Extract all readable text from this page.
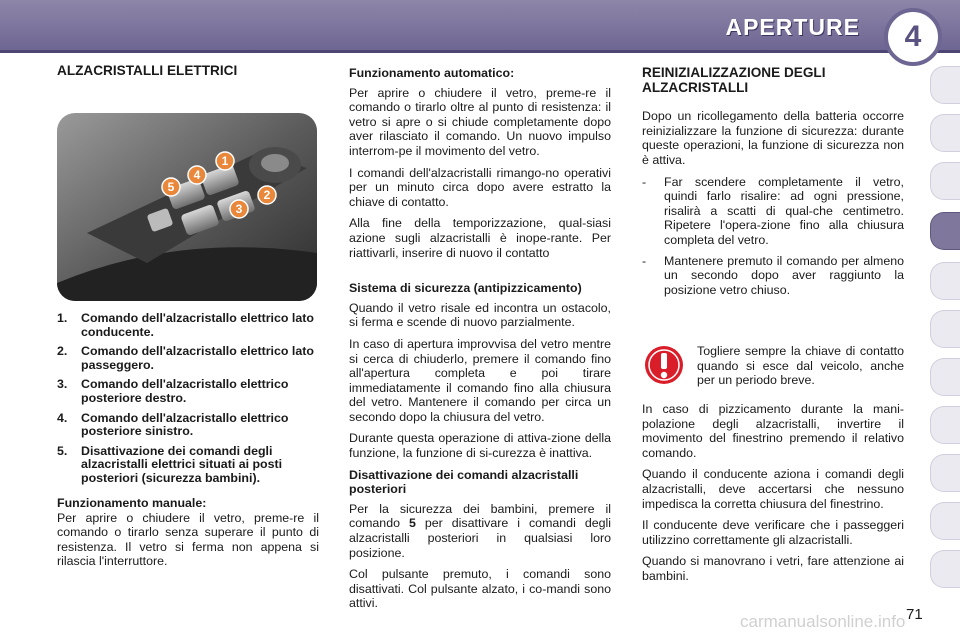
APERTURE 4
ALZACRISTALLI ELETTRICI
1
2
3
4
5
1. Comando dell'alzacristallo elettrico lato conducente.
2. Comando dell'alzacristallo elettrico lato passeggero.
3. Comando dell'alzacristallo elettrico posteriore destro.
4. Comando dell'alzacristallo elettrico posteriore sinistro.
5. Disattivazione dei comandi degli alzacristalli elettrici situati ai posti posteriori (sicurezza bambini).
Funzionamento manuale:

Per aprire o chiudere il vetro, preme-re il comando o tirarlo senza superare il punto di resistenza. Il vetro si ferma non appena si rilascia l'interruttore.

Funzionamento automatico:

Per aprire o chiudere il vetro, preme-re il comando o tirarlo oltre al punto di resistenza: il vetro si apre o si chiude completamente dopo aver rilasciato il comando. Un nuovo impulso interrom-pe il movimento del vetro.

I comandi dell'alzacristalli rimango-no operativi per un minuto circa dopo avere estratto la chiave di contatto.

Alla fine della temporizzazione, qual-siasi azione sugli alzacristalli è inope-rante. Per riattivarli, inserire di nuovo il contatto

Sistema di sicurezza (antipizzicamento)

Quando il vetro risale ed incontra un ostacolo, si ferma e scende di nuovo parzialmente.

In caso di apertura improvvisa del vetro mentre si cerca di chiuderlo, premere il comando fino all'apertura completa e poi tirare immediatamente il comando fino alla chiusura del vetro. Mantenere il comando per circa un secondo dopo la chiusura del vetro.

Durante questa operazione di attiva-zione della funzione, la funzione di si-curezza è inattiva.

Disattivazione dei comandi alzacristalli posteriori

Per la sicurezza dei bambini, premere il comando 5 per disattivare i comandi degli alzacristalli posteriori in qualsiasi loro posizione.

Col pulsante premuto, i comandi sono disattivati. Col pulsante alzato, i co-mandi sono attivi.

REINIZIALIZZAZIONE DEGLI ALZACRISTALLI

Dopo un ricollegamento della batteria occorre reinizializzare la funzione di sicurezza: durante queste operazioni, la funzione di sicurezza non è attiva.

- Far scendere completamente il vetro, quindi farlo risalire: ad ogni pressione, risalirà a scatti di qual-che centimetro. Ripetere l'opera-zione fino alla chiusura completa del vetro.
- Mantenere premuto il comando per almeno un secondo dopo aver raggiunto la posizione vetro chiuso.

Togliere sempre la chiave di contatto quando si esce dal veicolo, anche per un periodo breve.

In caso di pizzicamento durante la mani-polazione degli alzacristalli, invertire il movimento del finestrino premendo il relativo comando.

Quando il conducente aziona i comandi degli alzacristalli, deve accertarsi che nessuno impedisca la corretta chiusura del finestrino.

Il conducente deve verificare che i passeggeri utilizzino correttamente gli alzacristalli.

Quando si manovrano i vetri, fare attenzione ai bambini.

carmanualsonline.info 71
